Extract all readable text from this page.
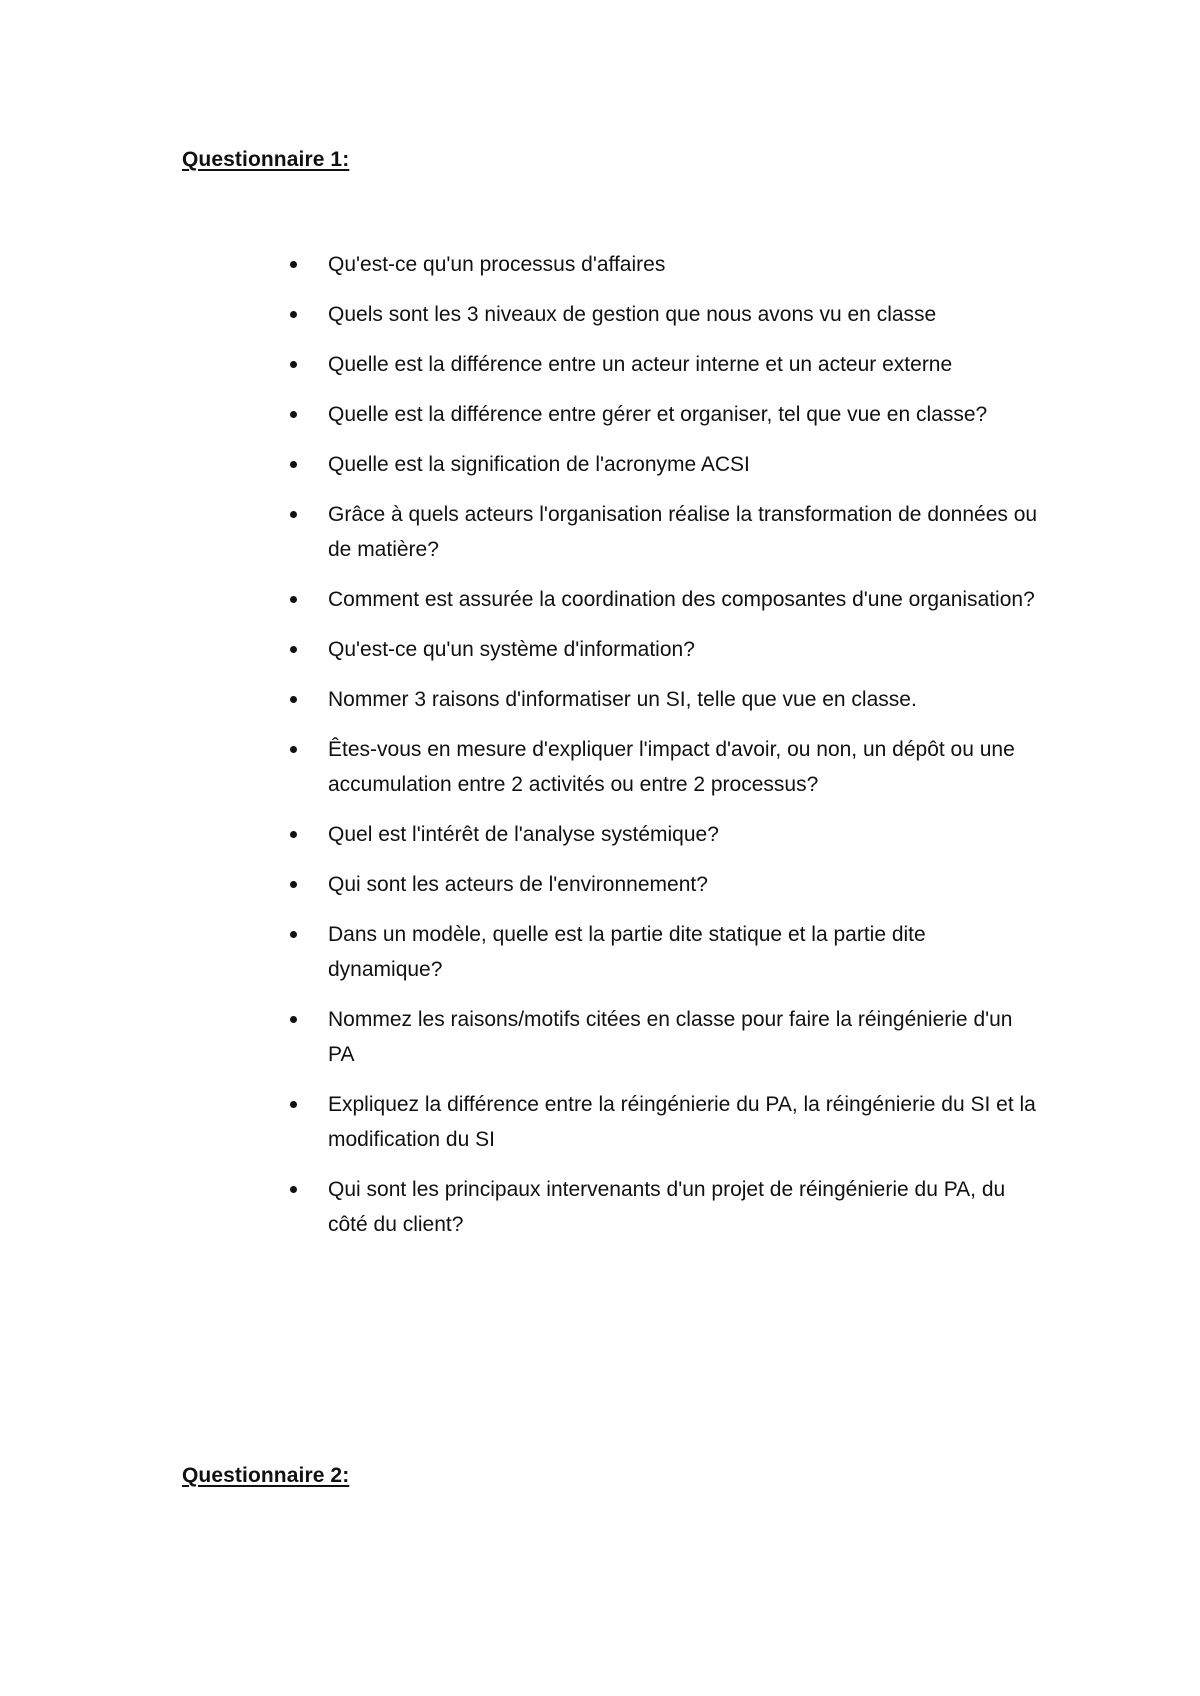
Questionnaire 1:
Qu'est-ce qu'un processus d'affaires
Quels sont les 3 niveaux de gestion que nous avons vu en classe
Quelle est la différence entre un acteur interne et un acteur externe
Quelle est la différence entre gérer et organiser, tel que vue en classe?
Quelle est la signification de l'acronyme ACSI
Grâce à quels acteurs l'organisation réalise la transformation de données ou de matière?
Comment est assurée la coordination des composantes d'une organisation?
Qu'est-ce qu'un système d'information?
Nommer 3 raisons d'informatiser un SI, telle que vue en classe.
Êtes-vous en mesure d'expliquer l'impact d'avoir, ou non, un dépôt ou une accumulation entre 2 activités ou entre 2 processus?
Quel est l'intérêt de l'analyse systémique?
Qui sont les acteurs de l'environnement?
Dans un modèle, quelle est la partie dite statique et la partie dite dynamique?
Nommez les raisons/motifs citées en classe pour faire la réingénierie d'un PA
Expliquez la différence entre la réingénierie du PA, la réingénierie du SI et la modification du SI
Qui sont les principaux intervenants d'un projet de réingénierie du PA, du côté du client?
Questionnaire 2:
